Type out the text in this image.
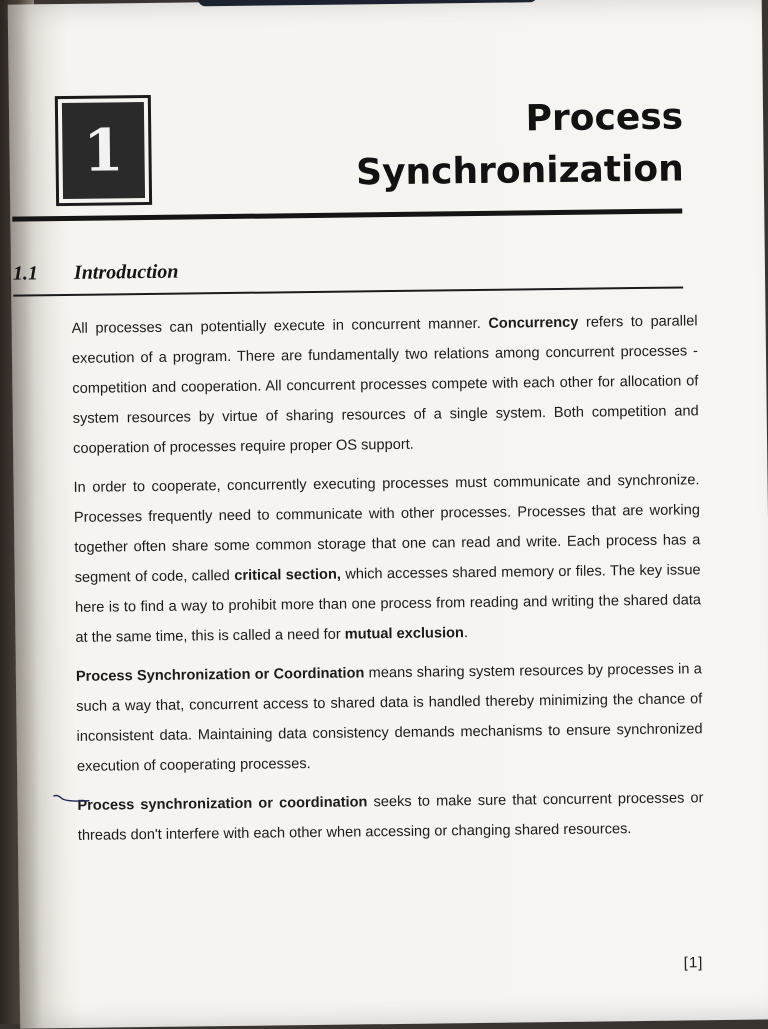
1	Process
Synchronization
1.1 Introduction

All processes can potentially execute in concurrent manner. Concurrency refers to parallel execution of a program. There are fundamentally two relations among concurrent processes - competition and cooperation. All concurrent processes compete with each other for allocation of system resources by virtue of sharing resources of a single system. Both competition and cooperation of processes require proper OS support.

In order to cooperate, concurrently executing processes must communicate and synchronize. Processes frequently need to communicate with other processes. Processes that are working together often share some common storage that one can read and write. Each process has a segment of code, called critical section, which accesses shared memory or files. The key issue here is to find a way to prohibit more than one process from reading and writing the shared data at the same time, this is called a need for mutual exclusion.

Process Synchronization or Coordination means sharing system resources by processes in a such a way that, concurrent access to shared data is handled thereby minimizing the chance of inconsistent data. Maintaining data consistency demands mechanisms to ensure synchronized execution of cooperating processes.

Process synchronization or coordination seeks to make sure that concurrent processes or threads don't interfere with each other when accessing or changing shared resources.

[1]
